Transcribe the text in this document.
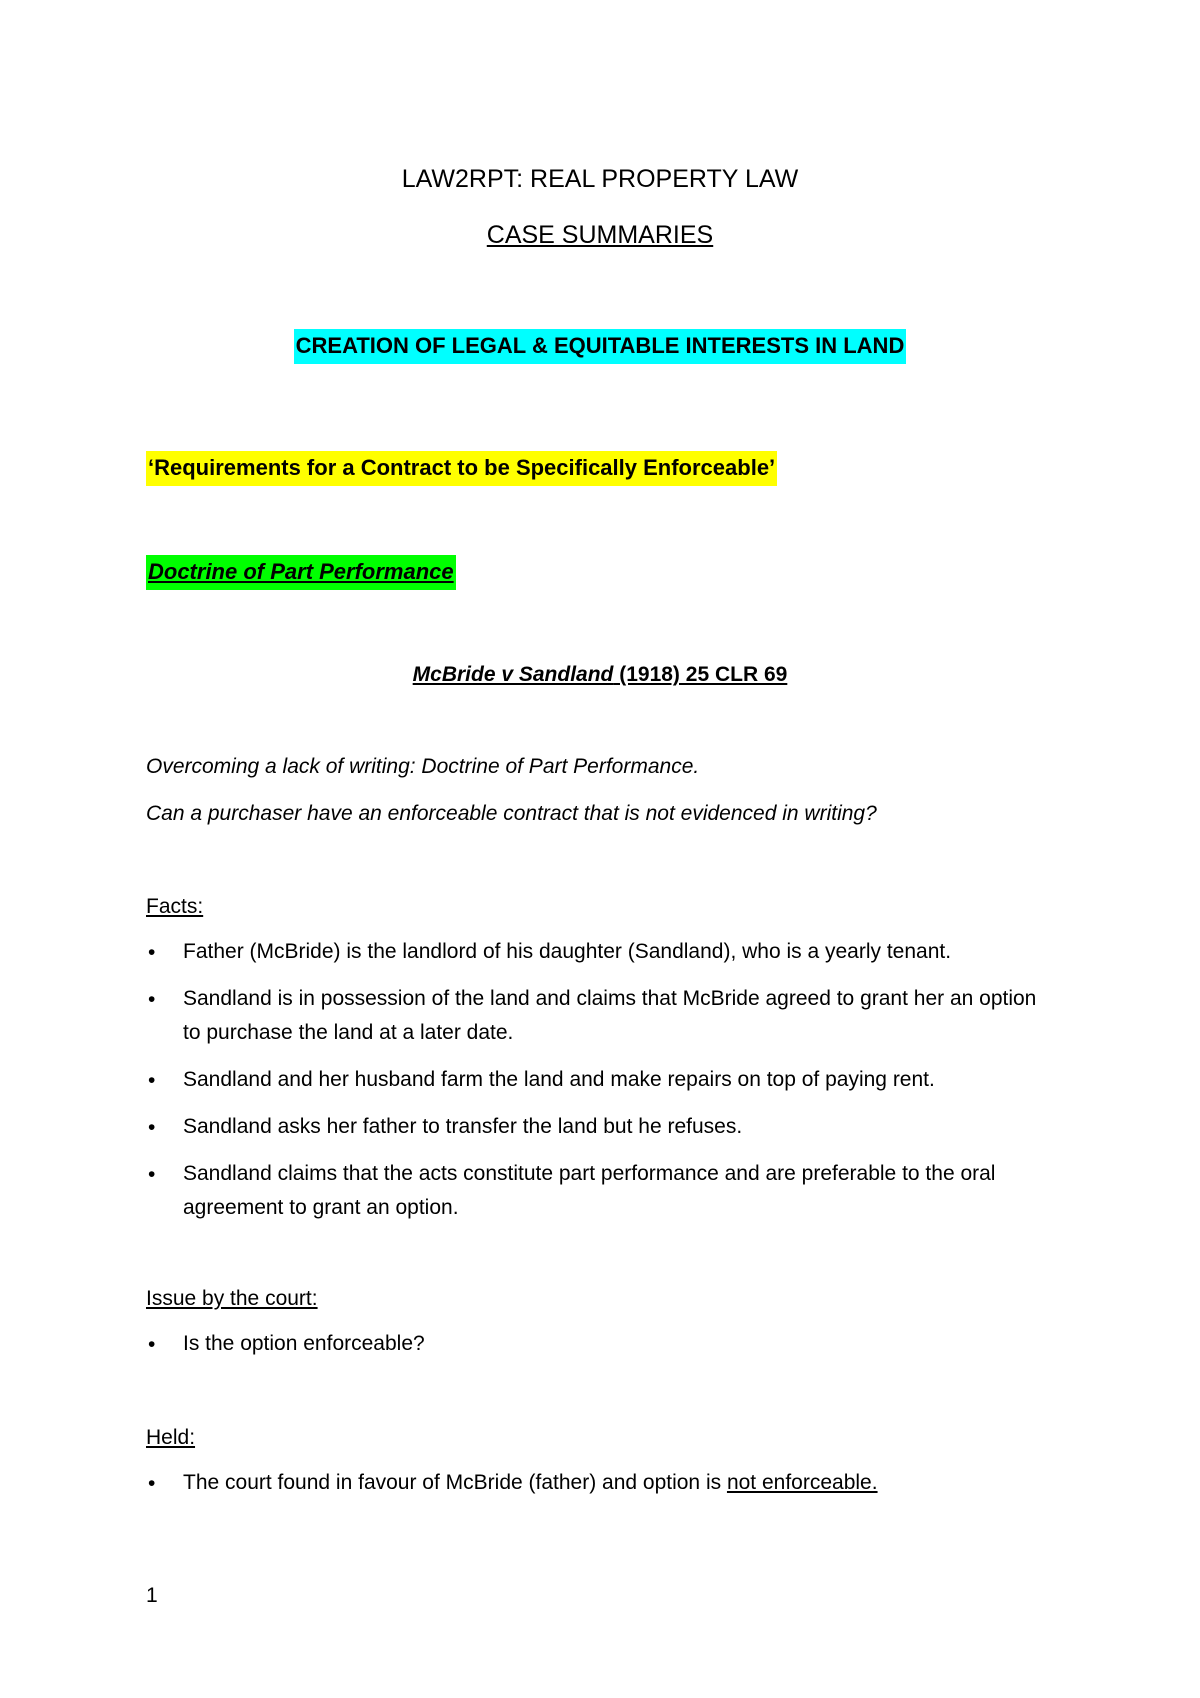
LAW2RPT: REAL PROPERTY LAW
CASE SUMMARIES
CREATION OF LEGAL & EQUITABLE INTERESTS IN LAND
‘Requirements for a Contract to be Specifically Enforceable’
Doctrine of Part Performance
McBride v Sandland (1918) 25 CLR 69
Overcoming a lack of writing: Doctrine of Part Performance.
Can a purchaser have an enforceable contract that is not evidenced in writing?
Facts:
• Father (McBride) is the landlord of his daughter (Sandland), who is a yearly tenant.
• Sandland is in possession of the land and claims that McBride agreed to grant her an option to purchase the land at a later date.
• Sandland and her husband farm the land and make repairs on top of paying rent.
• Sandland asks her father to transfer the land but he refuses.
• Sandland claims that the acts constitute part performance and are preferable to the oral agreement to grant an option.
Issue by the court:
• Is the option enforceable?
Held:
• The court found in favour of McBride (father) and option is not enforceable.
1
